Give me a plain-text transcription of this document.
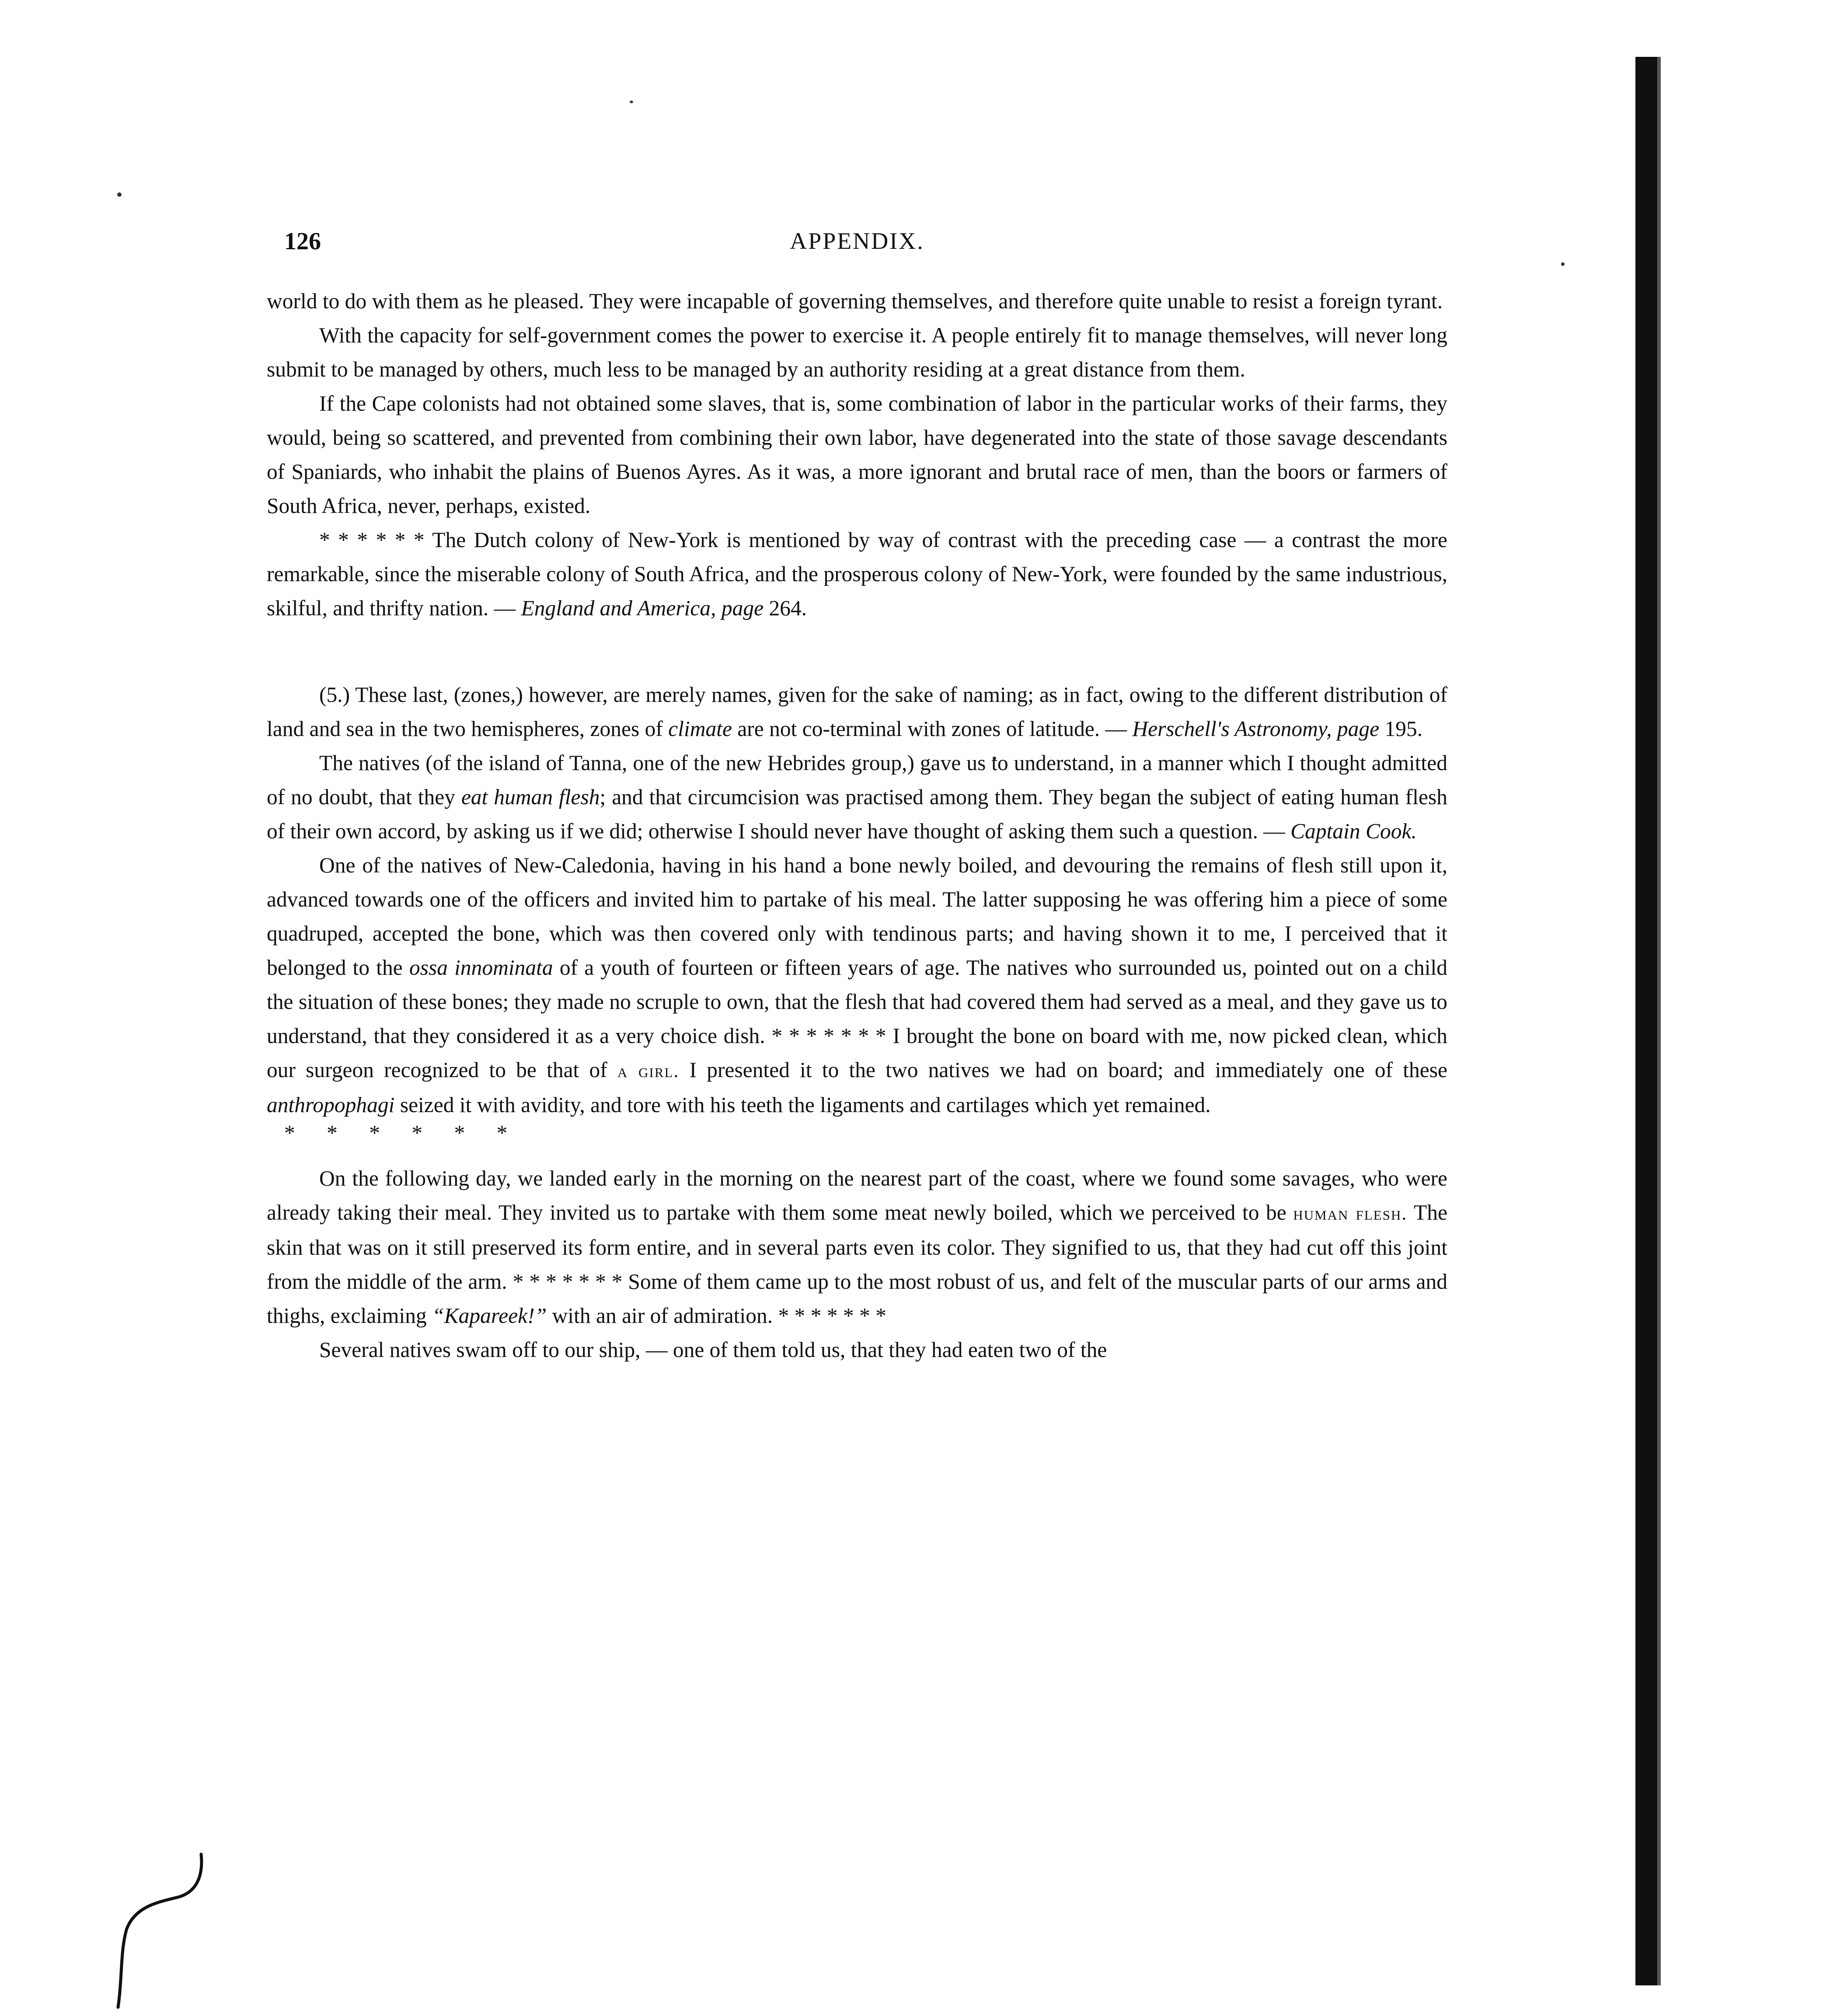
126	APPENDIX.

world to do with them as he pleased. They were incapable of governing themselves, and therefore quite unable to resist a foreign tyrant.

With the capacity for self-government comes the power to exercise it. A people entirely fit to manage themselves, will never long submit to be managed by others, much less to be managed by an authority residing at a great distance from them.

If the Cape colonists had not obtained some slaves, that is, some combination of labor in the particular works of their farms, they would, being so scattered, and prevented from combining their own labor, have degenerated into the state of those savage descendants of Spaniards, who inhabit the plains of Buenos Ayres. As it was, a more ignorant and brutal race of men, than the boors or farmers of South Africa, never, perhaps, existed.

* * * * * * The Dutch colony of New-York is mentioned by way of contrast with the preceding case — a contrast the more remarkable, since the miserable colony of South Africa, and the prosperous colony of New-York, were founded by the same industrious, skilful, and thrifty nation. — England and America, page 264.

(5.) These last, (zones,) however, are merely names, given for the sake of naming; as in fact, owing to the different distribution of land and sea in the two hemispheres, zones of climate are not co-terminal with zones of latitude. — Herschell's Astronomy, page 195.

The natives (of the island of Tanna, one of the new Hebrides group,) gave us to understand, in a manner which I thought admitted of no doubt, that they eat human flesh; and that circumcision was practised among them. They began the subject of eating human flesh of their own accord, by asking us if we did; otherwise I should never have thought of asking them such a question. — Captain Cook.

One of the natives of New-Caledonia, having in his hand a bone newly boiled, and devouring the remains of flesh still upon it, advanced towards one of the officers and invited him to partake of his meal. The latter supposing he was offering him a piece of some quadruped, accepted the bone, which was then covered only with tendinous parts; and having shown it to me, I perceived that it belonged to the ossa innominata of a youth of fourteen or fifteen years of age. The natives who surrounded us, pointed out on a child the situation of these bones; they made no scruple to own, that the flesh that had covered them had served as a meal, and they gave us to understand, that they considered it as a very choice dish. * * * * * * * I brought the bone on board with me, now picked clean, which our surgeon recognized to be that of a girl. I presented it to the two natives we had on board; and immediately one of these anthropophagi seized it with avidity, and tore with his teeth the ligaments and cartilages which yet remained.

* * * * * *

On the following day, we landed early in the morning on the nearest part of the coast, where we found some savages, who were already taking their meal. They invited us to partake with them some meat newly boiled, which we perceived to be human flesh. The skin that was on it still preserved its form entire, and in several parts even its color. They signified to us, that they had cut off this joint from the middle of the arm. * * * * * * * Some of them came up to the most robust of us, and felt of the muscular parts of our arms and thighs, exclaiming “Kapareek!” with an air of admiration. * * * * * * *

Several natives swam off to our ship, — one of them told us, that they had eaten two of the
